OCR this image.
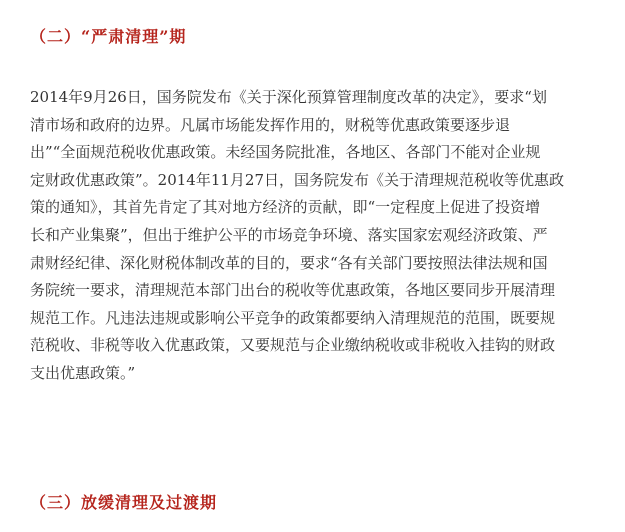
（二）“严肃清理”期
2014年9月26日，国务院发布《关于深化预算管理制度改革的决定》，要求“划
清市场和政府的边界。凡属市场能发挥作用的，财税等优惠政策要逐步退
出”“全面规范税收优惠政策。未经国务院批准，各地区、各部门不能对企业规
定财政优惠政策”。2014年11月27日，国务院发布《关于清理规范税收等优惠政
策的通知》，其首先肯定了其对地方经济的贡献，即“一定程度上促进了投资增
长和产业集聚”，但出于维护公平的市场竞争环境、落实国家宏观经济政策、严
肃财经纪律、深化财税体制改革的目的，要求“各有关部门要按照法律法规和国
务院统一要求，清理规范本部门出台的税收等优惠政策，各地区要同步开展清理
规范工作。凡违法违规或影响公平竞争的政策都要纳入清理规范的范围，既要规
范税收、非税等收入优惠政策，又要规范与企业缴纳税收或非税收入挂钩的财政
支出优惠政策。”
（三）放缓清理及过渡期
